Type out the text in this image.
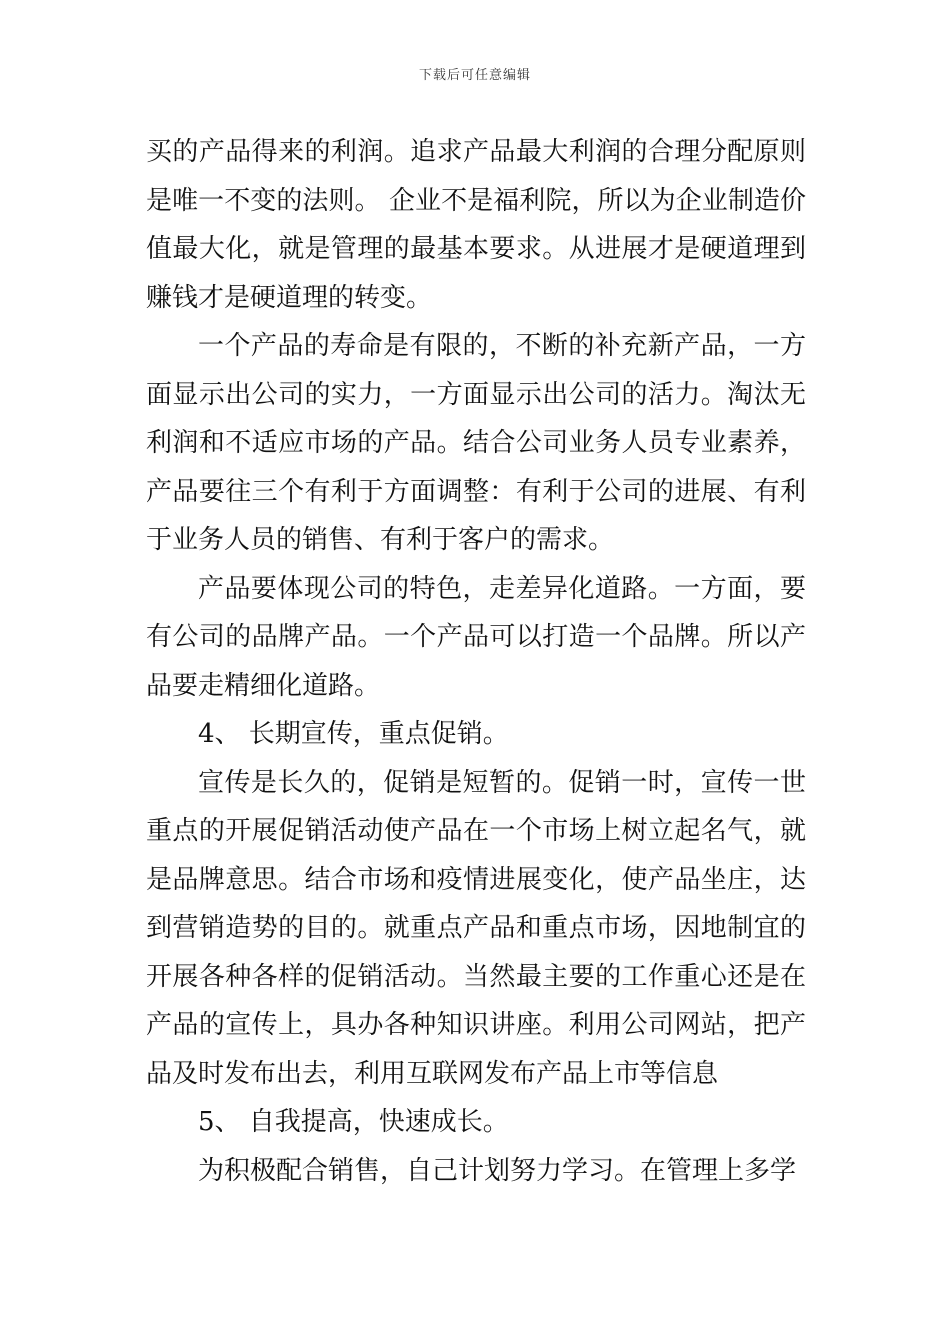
下载后可任意编辑

买的产品得来的利润。追求产品最大利润的合理分配原则是唯一不变的法则。 企业不是福利院，所以为企业制造价值最大化，就是管理的最基本要求。从进展才是硬道理到赚钱才是硬道理的转变。

一个产品的寿命是有限的，不断的补充新产品，一方面显示出公司的实力，一方面显示出公司的活力。淘汰无利润和不适应市场的产品。结合公司业务人员专业素养，产品要往三个有利于方面调整：有利于公司的进展、有利于业务人员的销售、有利于客户的需求。

产品要体现公司的特色，走差异化道路。一方面，要有公司的品牌产品。一个产品可以打造一个品牌。所以产品要走精细化道路。

4、 长期宣传，重点促销。

宣传是长久的，促销是短暂的。促销一时，宣传一世重点的开展促销活动使产品在一个市场上树立起名气，就是品牌意思。结合市场和疫情进展变化，使产品坐庄，达到营销造势的目的。就重点产品和重点市场，因地制宜的开展各种各样的促销活动。当然最主要的工作重心还是在产品的宣传上，具办各种知识讲座。利用公司网站，把产品及时发布出去，利用互联网发布产品上市等信息

5、 自我提高，快速成长。

为积极配合销售，自己计划努力学习。在管理上多学
